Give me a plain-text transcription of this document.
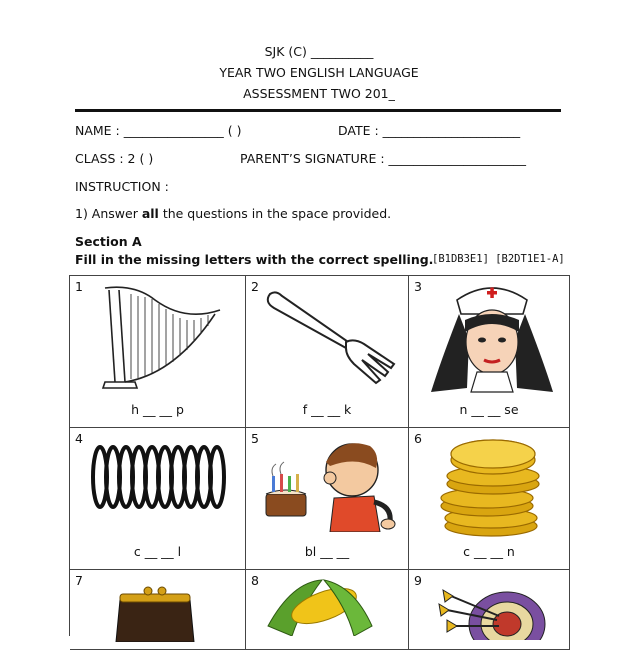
SJK (C) __________
YEAR TWO ENGLISH LANGUAGE
ASSESSMENT TWO 201_
NAME : ________________ ( )	DATE : ______________________
CLASS : 2 ( )	PARENT’S SIGNATURE : ______________________
INSTRUCTION :
1) Answer all the questions in the space provided.
Section A
Fill in the missing letters with the correct spelling.
[B1DB3E1] [B2DT1E1-A]
1
h __ __ p
2
f __ __ k
3
n __ __ se
4
c __ __ l
5
bl __ __
6
c __ __ n
7	8	9
